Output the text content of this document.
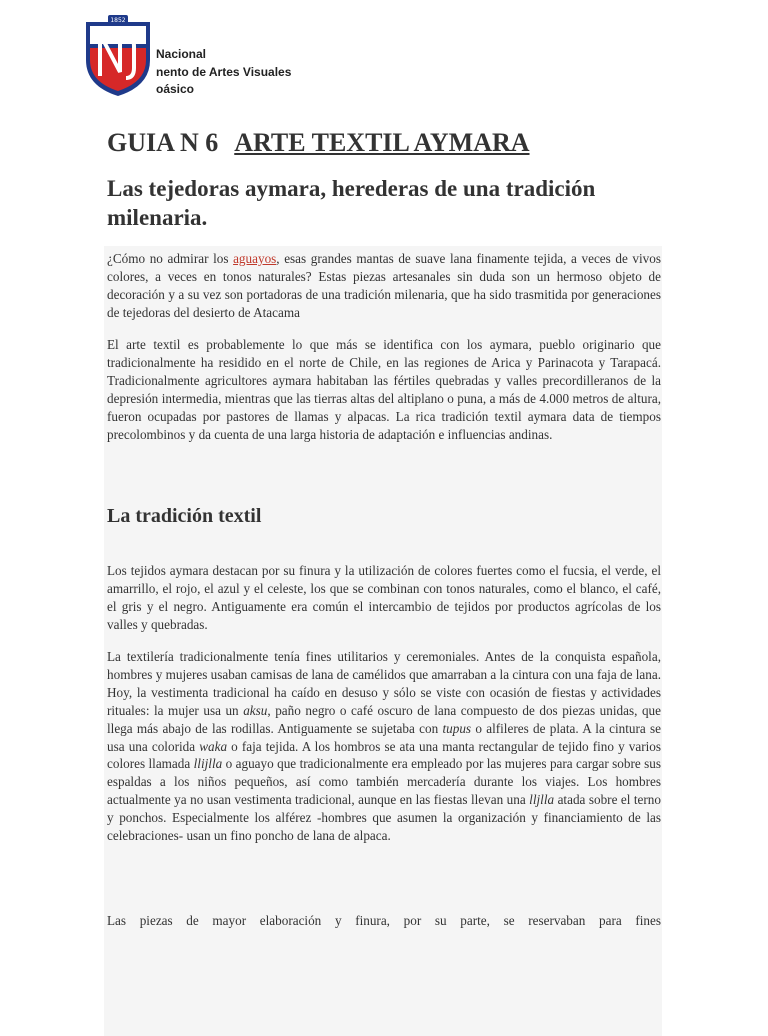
1852
Nacional
nento de Artes Visuales
oásico
GUIA N 6 ARTE TEXTIL AYMARA
Las tejedoras aymara, herederas de una tradición milenaria.
¿Cómo no admirar los aguayos, esas grandes mantas de suave lana finamente tejida, a veces de vivos colores, a veces en tonos naturales? Estas piezas artesanales sin duda son un hermoso objeto de decoración y a su vez son portadoras de una tradición milenaria, que ha sido trasmitida por generaciones de tejedoras del desierto de Atacama
El arte textil es probablemente lo que más se identifica con los aymara, pueblo originario que tradicionalmente ha residido en el norte de Chile, en las regiones de Arica y Parinacota y Tarapacá. Tradicionalmente agricultores aymara habitaban las fértiles quebradas y valles precordilleranos de la depresión intermedia, mientras que las tierras altas del altiplano o puna, a más de 4.000 metros de altura, fueron ocupadas por pastores de llamas y alpacas. La rica tradición textil aymara data de tiempos precolombinos y da cuenta de una larga historia de adaptación e influencias andinas.
La tradición textil
Los tejidos aymara destacan por su finura y la utilización de colores fuertes como el fucsia, el verde, el amarrillo, el rojo, el azul y el celeste, los que se combinan con tonos naturales, como el blanco, el café, el gris y el negro. Antiguamente era común el intercambio de tejidos por productos agrícolas de los valles y quebradas.
La textilería tradicionalmente tenía fines utilitarios y ceremoniales. Antes de la conquista española, hombres y mujeres usaban camisas de lana de camélidos que amarraban a la cintura con una faja de lana. Hoy, la vestimenta tradicional ha caído en desuso y sólo se viste con ocasión de fiestas y actividades rituales: la mujer usa un aksu, paño negro o café oscuro de lana compuesto de dos piezas unidas, que llega más abajo de las rodillas. Antiguamente se sujetaba con tupus o alfileres de plata. A la cintura se usa una colorida waka o faja tejida. A los hombros se ata una manta rectangular de tejido fino y varios colores llamada llijlla o aguayo que tradicionalmente era empleado por las mujeres para cargar sobre sus espaldas a los niños pequeños, así como también mercadería durante los viajes. Los hombres actualmente ya no usan vestimenta tradicional, aunque en las fiestas llevan una lljlla atada sobre el terno y ponchos. Especialmente los alférez -hombres que asumen la organización y financiamiento de las celebraciones- usan un fino poncho de lana de alpaca.
Las piezas de mayor elaboración y finura, por su parte, se reservaban para fines
